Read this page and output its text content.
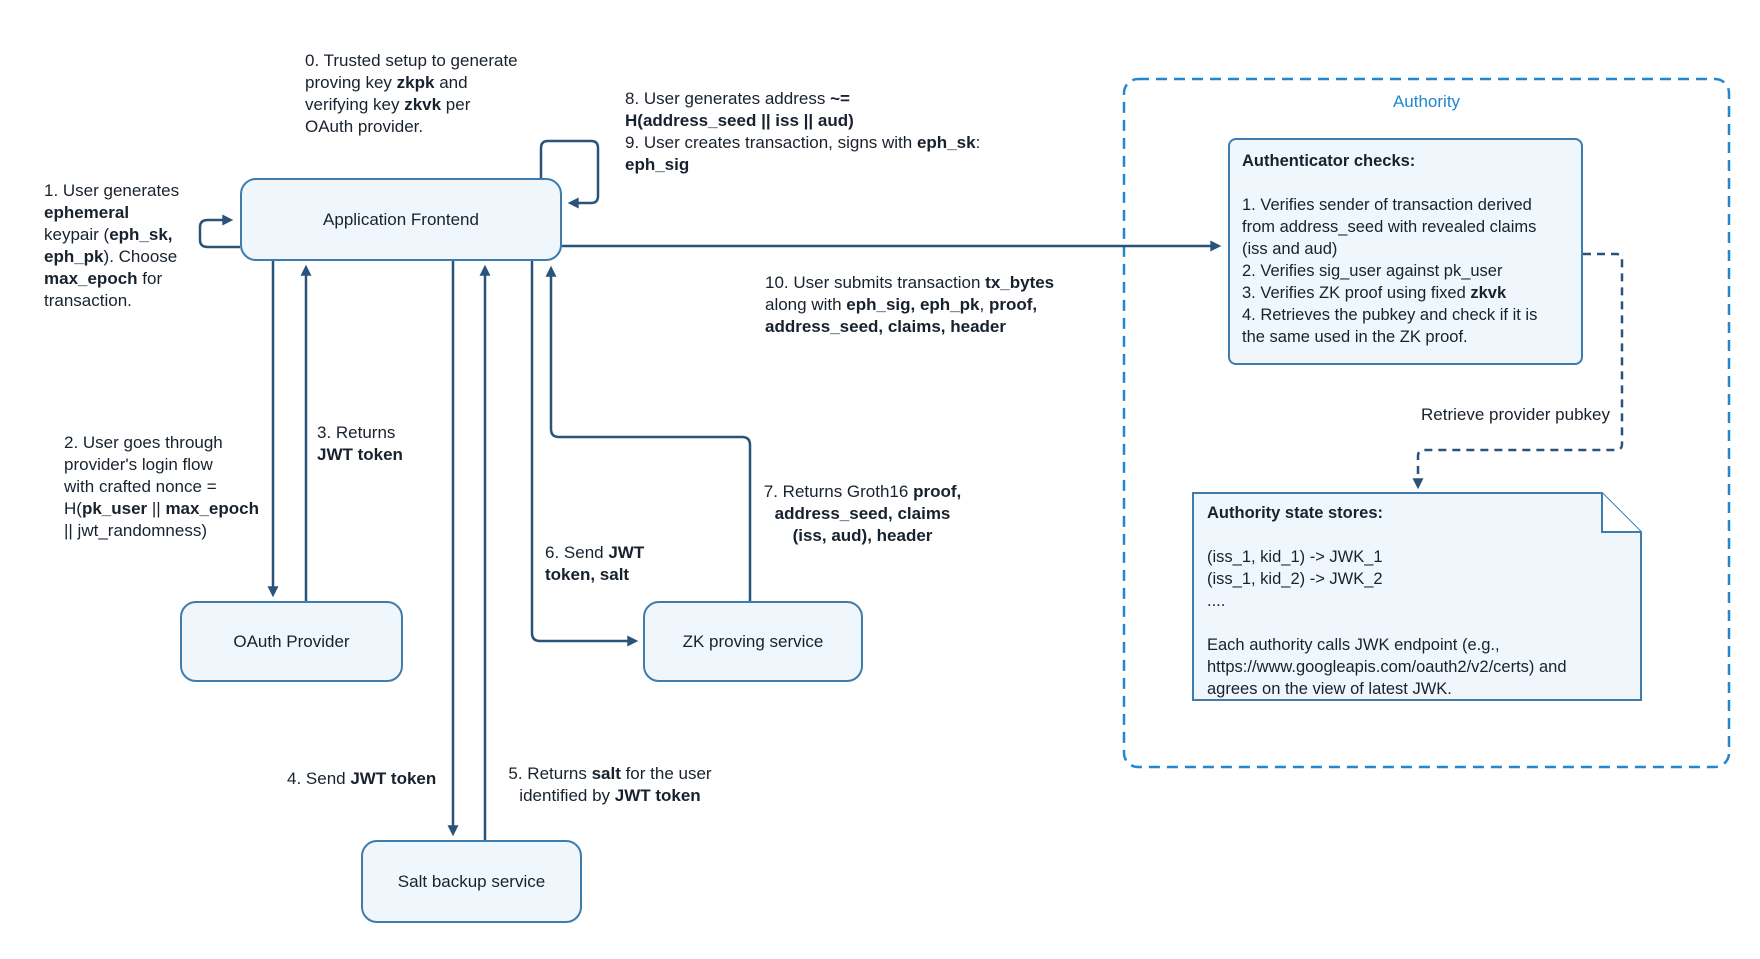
Application Frontend
OAuth Provider	ZK proving service
Salt backup service
Authority
Authenticator checks:
1. Verifies sender of transaction derived
from address_seed with revealed claims
(iss and aud)
2. Verifies sig_user against pk_user
3. Verifies ZK proof using fixed zkvk
4. Retrieves the pubkey and check if it is
the same used in the ZK proof.
Authority state stores:
(iss_1, kid_1) -> JWK_1
(iss_1, kid_2) -> JWK_2
....

Each authority calls JWK endpoint (e.g.,
https://www.googleapis.com/oauth2/v2/certs) and
agrees on the view of latest JWK.
Retrieve provider pubkey
0. Trusted setup to generate
proving key zkpk and
verifying key zkvk per
OAuth provider.
1. User generates
ephemeral
keypair (eph_sk,
eph_pk). Choose
max_epoch for
transaction.
2. User goes through
provider's login flow
with crafted nonce =
H(pk_user || max_epoch
|| jwt_randomness)
3. Returns
JWT token
4. Send JWT token	5. Returns salt for the user
identified by JWT token
6. Send JWT
token, salt
7. Returns Groth16 proof,
address_seed, claims
(iss, aud), header
8. User generates address ~=
H(address_seed || iss || aud)
9. User creates transaction, signs with eph_sk:
eph_sig
10. User submits transaction tx_bytes
along with eph_sig, eph_pk, proof,
address_seed, claims, header
